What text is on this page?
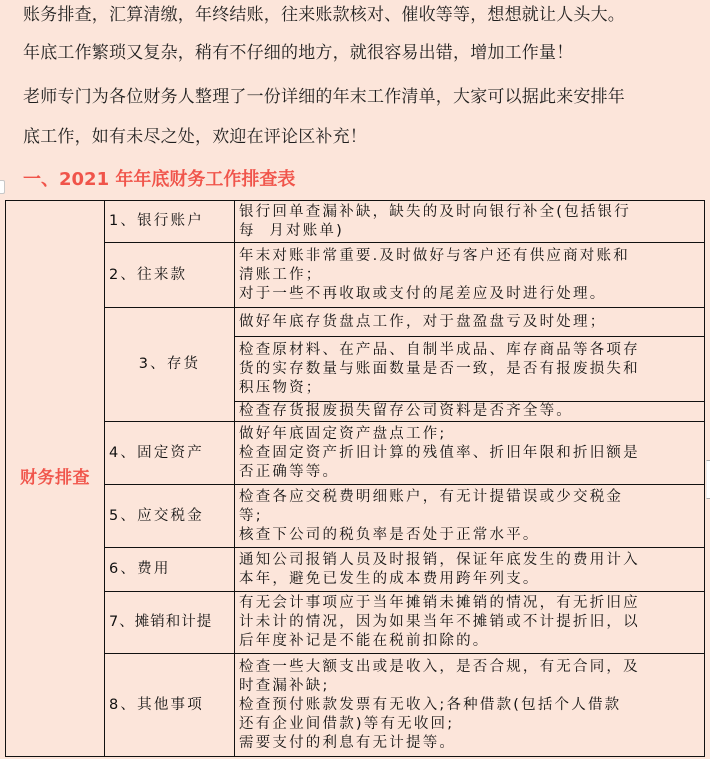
账务排查，汇算清缴，年终结账，往来账款核对、催收等等，想想就让人头大。
年底工作繁琐又复杂，稍有不仔细的地方，就很容易出错，增加工作量！
老师专门为各位财务人整理了一份详细的年末工作清单，大家可以据此来安排年
底工作，如有未尽之处，欢迎在评论区补充！
一、2021 年年底财务工作排查表
财务排查	1、银行账户	银行回单查漏补缺，缺失的及时向银行补全(包括银行
每  月对账单)

	2、往来款	年末对账非常重要.及时做好与客户还有供应商对账和
清账工作；
对于一些不再收取或支付的尾差应及时进行处理。

	3、存货	做好年底存货盘点工作，对于盘盈盘亏及时处理；

		检查原材料、在产品、自制半成品、库存商品等各项存
货的实存数量与账面数量是否一致，是否有报废损失和
积压物资；

		检查存货报废损失留存公司资料是否齐全等。

	4、固定资产	做好年底固定资产盘点工作;
检查固定资产折旧计算的残值率、折旧年限和折旧额是
否正确等等。

	5、应交税金	检查各应交税费明细账户，有无计提错误或少交税金
等;
核查下公司的税负率是否处于正常水平。

	6、费用	通知公司报销人员及时报销，保证年底发生的费用计入
本年，避免已发生的成本费用跨年列支。

	7、摊销和计提	有无会计事项应于当年摊销未摊销的情况，有无折旧应
计未计的情况，因为如果当年不摊销或不计提折旧，以
后年度补记是不能在税前扣除的。

	8、其他事项	检查一些大额支出或是收入，是否合规，有无合同，及
时查漏补缺;
检查预付账款发票有无收入;各种借款(包括个人借款
还有企业间借款)等有无收回;
需要支付的利息有无计提等。
